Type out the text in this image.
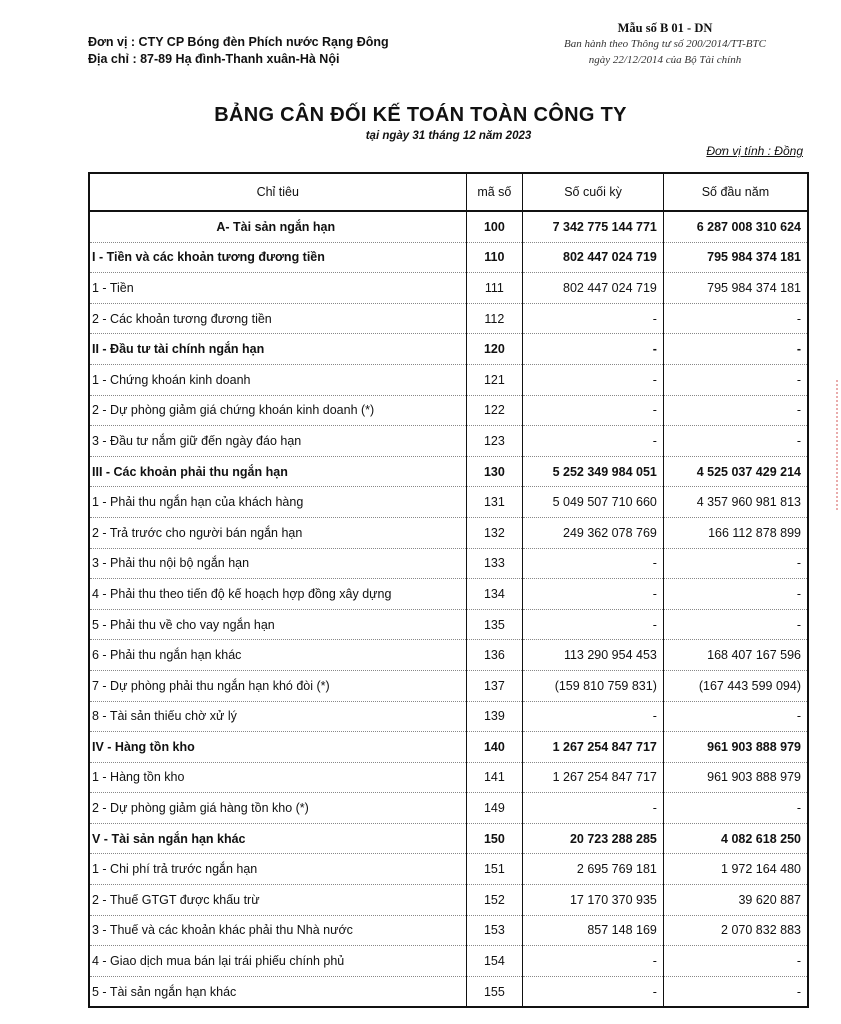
Đơn vị : CTY CP Bóng đèn Phích nước Rạng Đông
Địa chỉ : 87-89 Hạ đình-Thanh xuân-Hà Nội
Mẫu số B 01 - DN
Ban hành theo Thông tư số 200/2014/TT-BTC
ngày 22/12/2014 của Bộ Tài chính
BẢNG CÂN ĐỐI KẾ TOÁN TOÀN CÔNG TY
tại ngày 31 tháng 12 năm 2023
Đơn vị tính : Đồng
Chỉ tiêu	mã số	Số cuối kỳ	Số đầu năm
A- Tài sản ngắn hạn	100	7 342 775 144 771	6 287 008 310 624
I - Tiền và các khoản tương đương tiền	110	802 447 024 719	795 984 374 181
1 - Tiền	111	802 447 024 719	795 984 374 181
2 - Các khoản tương đương tiền	112	-	-
II - Đầu tư tài chính ngắn hạn	120	-	-
1 - Chứng khoán kinh doanh	121	-	-
2 - Dự phòng giảm giá chứng khoán kinh doanh (*)	122	-	-
3 - Đầu tư nắm giữ đến ngày đáo hạn	123	-	-
III - Các khoản phải thu ngắn hạn	130	5 252 349 984 051	4 525 037 429 214
1 - Phải thu ngắn hạn của khách hàng	131	5 049 507 710 660	4 357 960 981 813
2 - Trả trước cho người bán ngắn hạn	132	249 362 078 769	166 112 878 899
3 - Phải thu nội bộ ngắn hạn	133	-	-
4 - Phải thu theo tiến độ kế hoạch hợp đồng xây dựng	134	-	-
5 - Phải thu về cho vay ngắn hạn	135	-	-
6 - Phải thu ngắn hạn khác	136	113 290 954 453	168 407 167 596
7 - Dự phòng phải thu ngắn hạn khó đòi (*)	137	(159 810 759 831)	(167 443 599 094)
8 - Tài sản thiếu chờ xử lý	139	-	-
IV - Hàng tồn kho	140	1 267 254 847 717	961 903 888 979
1 - Hàng tồn kho	141	1 267 254 847 717	961 903 888 979
2 - Dự phòng giảm giá hàng tồn kho (*)	149	-	-
V - Tài sản ngắn hạn khác	150	20 723 288 285	4 082 618 250
1 - Chi phí trả trước ngắn hạn	151	2 695 769 181	1 972 164 480
2 - Thuế GTGT được khấu trừ	152	17 170 370 935	39 620 887
3 - Thuế và các khoản khác phải thu Nhà nước	153	857 148 169	2 070 832 883
4 - Giao dịch mua bán lại trái phiếu chính phủ	154	-	-
5 - Tài sản ngắn hạn khác	155	-	-
